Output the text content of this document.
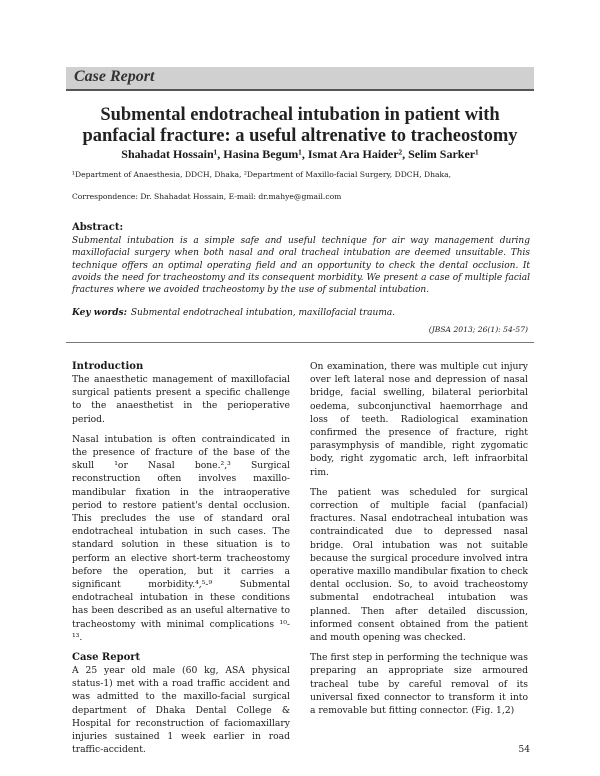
Case Report
Submental endotracheal intubation in patient with panfacial fracture: a useful altrenative to tracheostomy
Shahadat Hossain¹, Hasina Begum¹, Ismat Ara Haider², Selim Sarker¹
¹Department of Anaesthesia, DDCH, Dhaka, ²Department of Maxillo-facial Surgery, DDCH, Dhaka,
Correspondence: Dr. Shahadat Hossain, E-mail: dr.mahye@gmail.com
Abstract:
Submental intubation is a simple safe and useful technique for air way management during maxillofacial surgery when both nasal and oral tracheal intubation are deemed unsuitable. This technique offers an optimal operating field and an opportunity to check the dental occlusion. It avoids the need for tracheostomy and its consequent morbidity. We present a case of multiple facial fractures where we avoided tracheostomy by the use of submental intubation.
Key words: Submental endotracheal intubation, maxillofacial trauma.
(JBSA 2013; 26(1): 54-57)
Introduction

The anaesthetic management of maxillofacial surgical patients present a specific challenge to the anaesthetist in the perioperative period.

Nasal intubation is often contraindicated in the presence of fracture of the base of the skull ¹or Nasal bone.²,³ Surgical reconstruction often involves maxillo-mandibular fixation in the intraoperative period to restore patient's dental occlusion. This precludes the use of standard oral endotracheal intubation in such cases. The standard solution in these situation is to perform an elective short-term tracheostomy before the operation, but it carries a significant morbidity.⁴,⁵-⁹ Submental endotracheal intubation in these conditions has been described as an useful alternative to tracheostomy with minimal complications ¹⁰-¹³.

Case Report

A 25 year old male (60 kg, ASA physical status-1) met with a road traffic accident and was admitted to the maxillo-facial surgical department of Dhaka Dental College & Hospital for reconstruction of faciomaxillary injuries sustained 1 week earlier in road traffic-accident.

On examination, there was multiple cut injury over left lateral nose and depression of nasal bridge, facial swelling, bilateral periorbital oedema, subconjunctival haemorrhage and loss of teeth. Radiological examination confirmed the presence of fracture, right parasymphysis of mandible, right zygomatic body, right zygomatic arch, left infraorbital rim.

The patient was scheduled for surgical correction of multiple facial (panfacial) fractures. Nasal endotracheal intubation was contraindicated due to depressed nasal bridge. Oral intubation was not suitable because the surgical procedure involved intra operative maxillo mandibular fixation to check dental occlusion. So, to avoid tracheostomy submental endotracheal intubation was planned. Then after detailed discussion, informed consent obtained from the patient and mouth opening was checked.

The first step in performing the technique was preparing an appropriate size armoured tracheal tube by careful removal of its universal fixed connector to transform it into a removable but fitting connector. (Fig. 1,2)

54
